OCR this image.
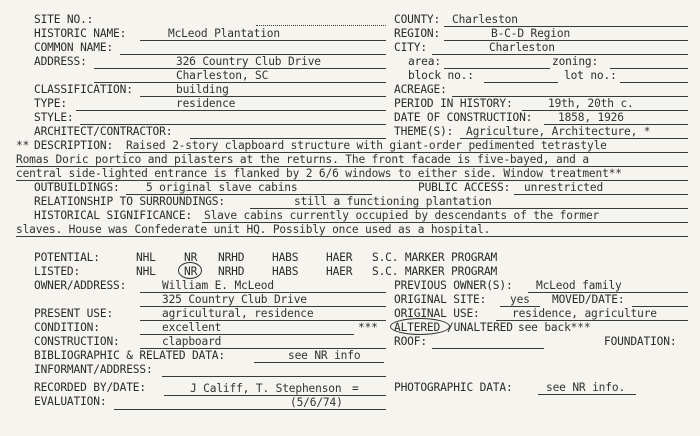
SITE NO.:	COUNTY: Charleston
HISTORIC NAME:	McLeod Plantation	REGION:	B-C-D Region
COMMON NAME:	CITY:	Charleston
ADDRESS:	326 Country Club Drive	area:	zoning:
Charleston, SC	block no.:	lot no.:
CLASSIFICATION:	building	ACREAGE:
TYPE:	residence	PERIOD IN HISTORY:	19th, 20th c.
STYLE:	DATE OF CONSTRUCTION: 1858, 1926
ARCHITECT/CONTRACTOR:	THEME(S): Agriculture, Architecture, *
** DESCRIPTION: Raised 2-story clapboard structure with giant-order pedimented tetrastyle
Romas Doric portico and pilasters at the returns. The front facade is five-bayed, and a
central side-lighted entrance is flanked by 2 6/6 windows to either side. Window treatment**
OUTBUILDINGS: 5 original slave cabins	PUBLIC ACCESS: unrestricted
RELATIONSHIP TO SURROUNDINGS:	still a functioning plantation
HISTORICAL SIGNIFICANCE: Slave cabins currently occupied by descendants of the former
slaves. House was Confederate unit HQ. Possibly once used as a hospital.
POTENTIAL:	NHL	NR NRHD HABS HAER S.C. MARKER PROGRAM
LISTED:	NHL	NR NRHD HABS HAER S.C. MARKER PROGRAM
OWNER/ADDRESS:	William E. McLeod	PREVIOUS OWNER(S): McLeod family
325 Country Club Drive	ORIGINAL SITE: yes MOVED/DATE:
PRESENT USE:	agricultural, residence	ORIGINAL USE:	residence, agriculture
CONDITION:	excellent	*** ALTERED /UNALTERED see back***
CONSTRUCTION:	clapboard	ROOF:	FOUNDATION:
BIBLIOGRAPHIC & RELATED DATA:	see NR info
INFORMANT/ADDRESS:
RECORDED BY/DATE:	J Califf, T. Stephenson =	PHOTOGRAPHIC DATA:	see NR info.
EVALUATION:	(5/6/74)
